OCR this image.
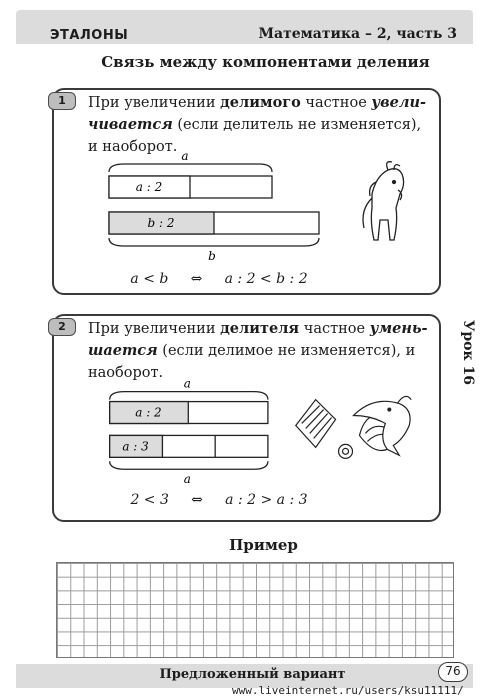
ЭТАЛОНЫ	Математика – 2, часть 3
Связь между компонентами деления
При увеличении делимого частное увели-чивается (если делитель не изменяется), и наоборот.
a
a : 2
b : 2
b
a < b ⇔ a : 2 < b : 2
1
При увеличении делителя частное умень-шается (если делимое не изменяется), и наоборот.
a
a : 2
a : 3
a
2 < 3 ⇔ a : 2 > a : 3
2	Урок 16
Пример
Предложенный вариант	76
www.liveinternet.ru/users/ksu11111/
